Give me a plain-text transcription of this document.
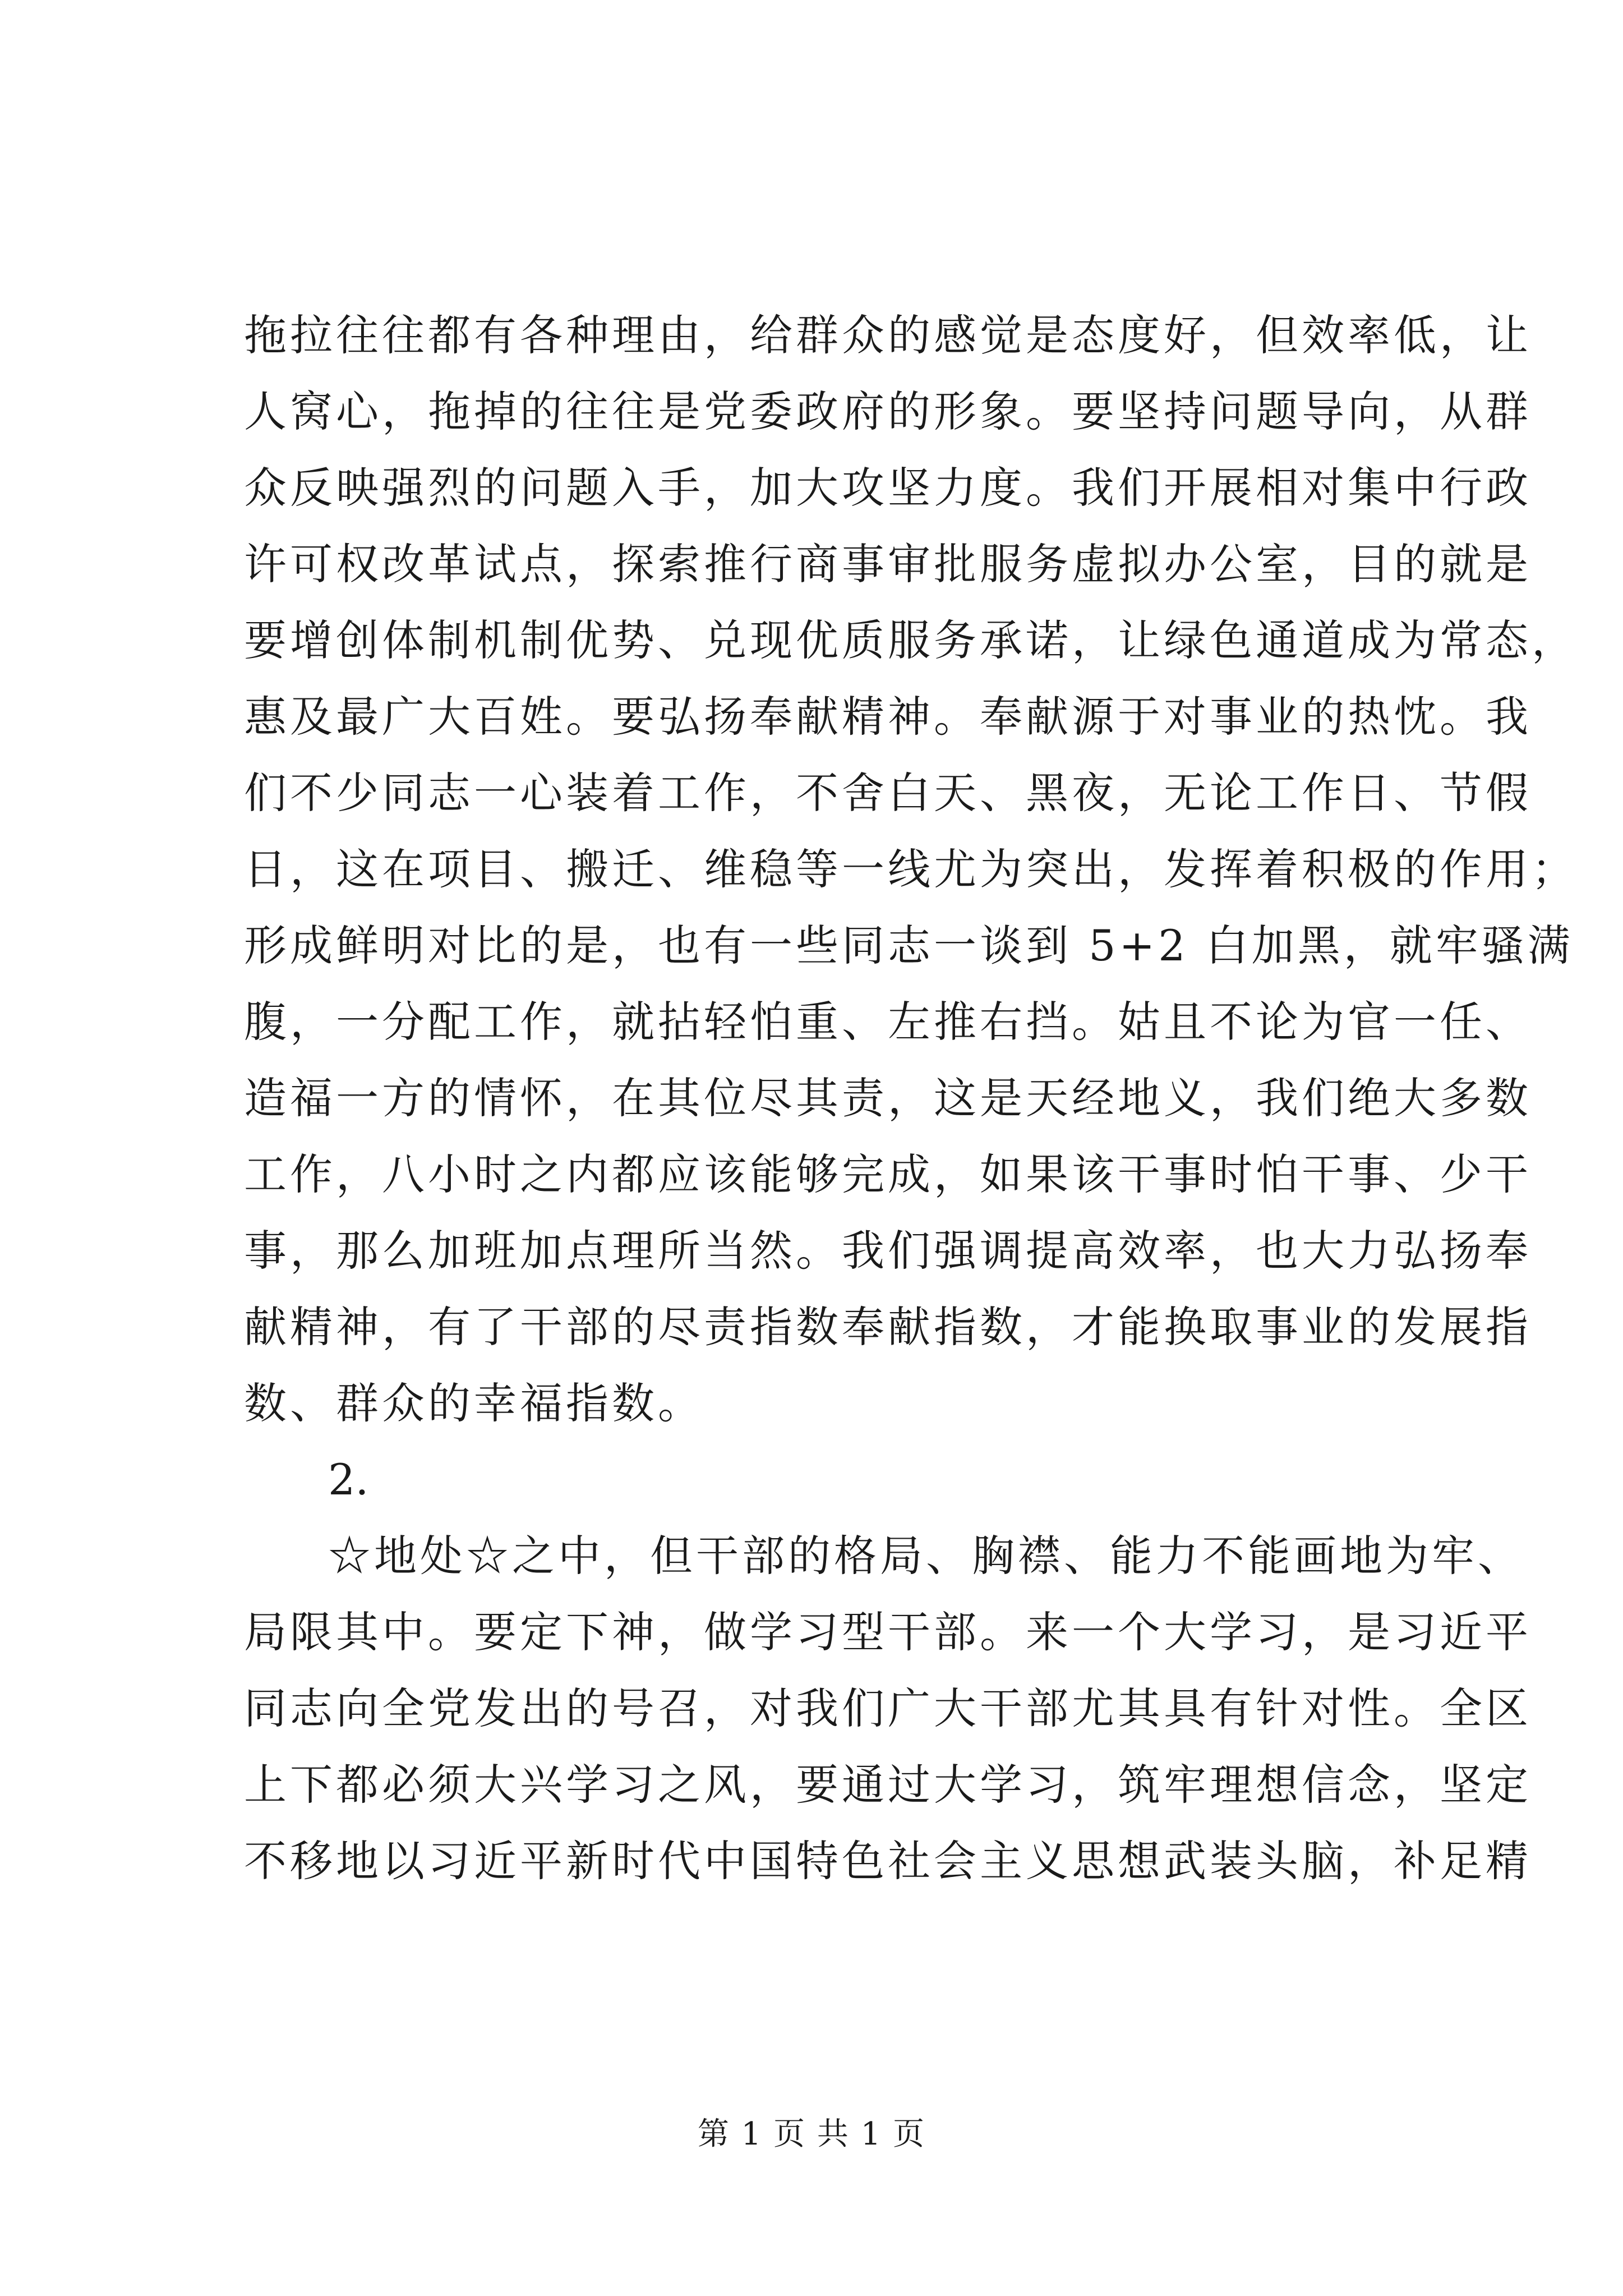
拖拉往往都有各种理由，给群众的感觉是态度好，但效率低，让
人窝心，拖掉的往往是党委政府的形象。要坚持问题导向，从群
众反映强烈的问题入手，加大攻坚力度。我们开展相对集中行政
许可权改革试点，探索推行商事审批服务虚拟办公室，目的就是
要增创体制机制优势、兑现优质服务承诺，让绿色通道成为常态，
惠及最广大百姓。要弘扬奉献精神。奉献源于对事业的热忱。我
们不少同志一心装着工作，不舍白天、黑夜，无论工作日、节假
日，这在项目、搬迁、维稳等一线尤为突出，发挥着积极的作用；
形成鲜明对比的是，也有一些同志一谈到 5+2 白加黑，就牢骚满
腹，一分配工作，就拈轻怕重、左推右挡。姑且不论为官一任、
造福一方的情怀，在其位尽其责，这是天经地义，我们绝大多数
工作，八小时之内都应该能够完成，如果该干事时怕干事、少干
事，那么加班加点理所当然。我们强调提高效率，也大力弘扬奉
献精神，有了干部的尽责指数奉献指数，才能换取事业的发展指
数、群众的幸福指数。
2.
☆地处☆之中，但干部的格局、胸襟、能力不能画地为牢、
局限其中。要定下神，做学习型干部。来一个大学习，是习近平
同志向全党发出的号召，对我们广大干部尤其具有针对性。全区
上下都必须大兴学习之风，要通过大学习，筑牢理想信念，坚定
不移地以习近平新时代中国特色社会主义思想武装头脑，补足精
第 1 页 共 1 页
